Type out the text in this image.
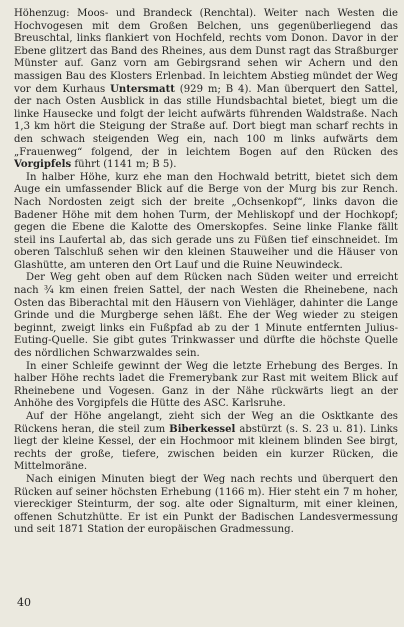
Höhenzug: Moos- und Brandeck (Renchtal). Weiter nach Westen die Hochvogesen mit dem Großen Belchen, uns gegenüberliegend das Breuschtal, links flankiert von Hochfeld, rechts vom Donon. Davor in der Ebene glitzert das Band des Rheines, aus dem Dunst ragt das Straßburger Münster auf. Ganz vorn am Gebirgsrand sehen wir Achern und den massigen Bau des Klosters Erlenbad. In leichtem Abstieg mündet der Weg vor dem Kurhaus Untersmatt (929 m; B 4). Man überquert den Sattel, der nach Osten Ausblick in das stille Hundsbachtal bietet, biegt um die linke Hausecke und folgt der leicht aufwärts führenden Waldstraße. Nach 1,3 km hört die Steigung der Straße auf. Dort biegt man scharf rechts in den schwach steigenden Weg ein, nach 100 m links aufwärts dem „Frauenweg“ folgend, der in leichtem Bogen auf den Rücken des Vorgipfels führt (1141 m; B 5).

In halber Höhe, kurz ehe man den Hochwald betritt, bietet sich dem Auge ein umfassender Blick auf die Berge von der Murg bis zur Rench. Nach Nordosten zeigt sich der breite „Ochsenkopf“, links davon die Badener Höhe mit dem hohen Turm, der Mehliskopf und der Hochkopf; gegen die Ebene die Kalotte des Omerskopfes. Seine linke Flanke fällt steil ins Laufertal ab, das sich gerade uns zu Füßen tief einschneidet. Im oberen Talschluß sehen wir den kleinen Stauweiher und die Häuser von Glashütte, am unteren den Ort Lauf und die Ruine Neuwindeck.

Der Weg geht oben auf dem Rücken nach Süden weiter und erreicht nach ¾ km einen freien Sattel, der nach Westen die Rheinebene, nach Osten das Biberachtal mit den Häusern von Viehläger, dahinter die Lange Grinde und die Murgberge sehen läßt. Ehe der Weg wieder zu steigen beginnt, zweigt links ein Fußpfad ab zu der 1 Minute entfernten Julius-Euting-Quelle. Sie gibt gutes Trinkwasser und dürfte die höchste Quelle des nördlichen Schwarzwaldes sein.

In einer Schleife gewinnt der Weg die letzte Erhebung des Berges. In halber Höhe rechts ladet die Fremerybank zur Rast mit weitem Blick auf Rheinebene und Vogesen. Ganz in der Nähe rückwärts liegt an der Anhöhe des Vorgipfels die Hütte des ASC. Karlsruhe.

Auf der Höhe angelangt, zieht sich der Weg an die Osktkante des Rückens heran, die steil zum Biberkessel abstürzt (s. S. 23 u. 81). Links liegt der kleine Kessel, der ein Hochmoor mit kleinem blinden See birgt, rechts der große, tiefere, zwischen beiden ein kurzer Rücken, die Mittelmoräne.

Nach einigen Minuten biegt der Weg nach rechts und überquert den Rücken auf seiner höchsten Erhebung (1166 m). Hier steht ein 7 m hoher, viereckiger Steinturm, der sog. alte oder Signalturm, mit einer kleinen, offenen Schutzhütte. Er ist ein Punkt der Badischen Landesvermessung und seit 1871 Station der europäischen Gradmessung.

40
